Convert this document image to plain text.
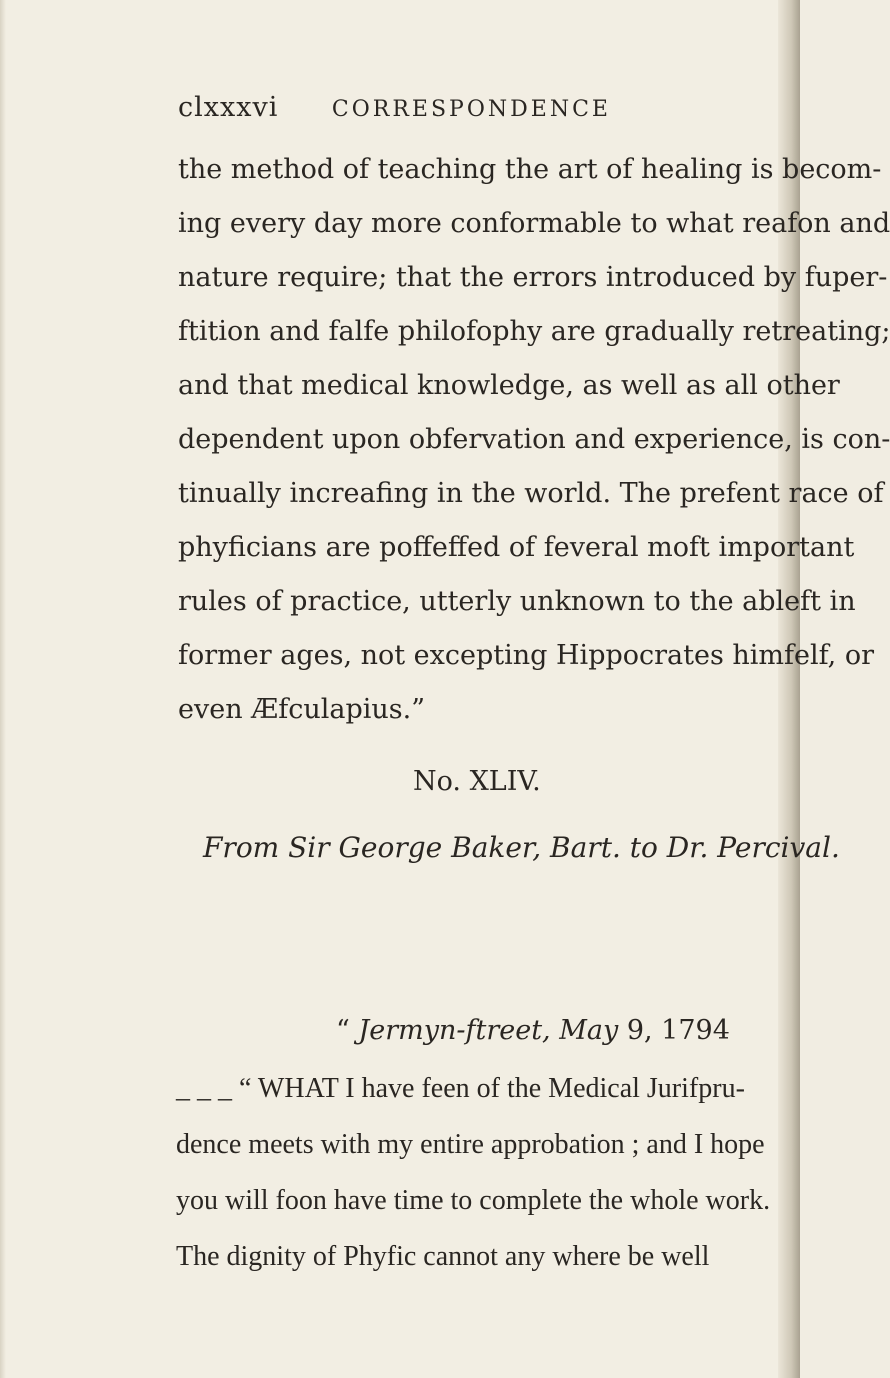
clxxxvi CORRESPONDENCE
the method of teaching the art of healing is becom-
ing every day more conformable to what reafon and
nature require; that the errors introduced by fuper-
ftition and falfe philofophy are gradually retreating;
and that medical knowledge, as well as all other
dependent upon obfervation and experience, is con-
tinually increafing in the world. The prefent race of
phyficians are poffeffed of feveral moft important
rules of practice, utterly unknown to the ableft in
former ages, not excepting Hippocrates himfelf, or
even Æfculapius.”
No. XLIV.
From Sir George Baker, Bart. to Dr. Percival.
“ Jermyn-ftreet, May 9, 1794
_ _ _ “ WHAT I have feen of the Medical Jurifpru-
dence meets with my entire approbation ; and I hope
you will foon have time to complete the whole work.
The dignity of Phyfic cannot any where be well
